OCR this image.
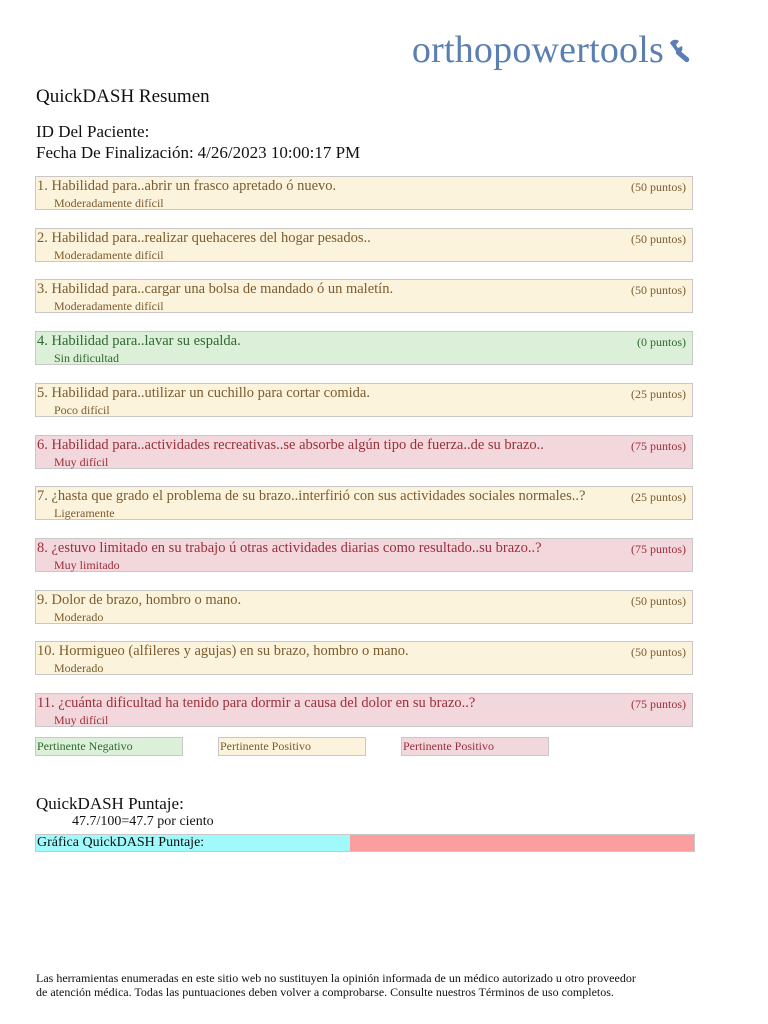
orthopowertools
QuickDASH Resumen
ID Del Paciente:
Fecha De Finalización: 4/26/2023 10:00:17 PM
1. Habilidad para..abrir un frasco apretado ó nuevo.	(50 puntos)
Moderadamente difícil
2. Habilidad para..realizar quehaceres del hogar pesados..	(50 puntos)
Moderadamente difícil
3. Habilidad para..cargar una bolsa de mandado ó un maletín.	(50 puntos)
Moderadamente difícil
4. Habilidad para..lavar su espalda.	(0 puntos)
Sin dificultad
5. Habilidad para..utilizar un cuchillo para cortar comida.	(25 puntos)
Poco difícil
6. Habilidad para..actividades recreativas..se absorbe algún tipo de fuerza..de su brazo..	(75 puntos)
Muy difícil
7. ¿hasta que grado el problema de su brazo..interfirió con sus actividades sociales normales..?	(25 puntos)
Ligeramente
8. ¿estuvo limitado en su trabajo ú otras actividades diarias como resultado..su brazo..?	(75 puntos)
Muy limitado
9. Dolor de brazo, hombro o mano.	(50 puntos)
Moderado
10. Hormigueo (alfileres y agujas) en su brazo, hombro o mano.	(50 puntos)
Moderado
11. ¿cuánta dificultad ha tenido para dormir a causa del dolor en su brazo..?	(75 puntos)
Muy difícil
Pertinente Negativo	Pertinente Positivo	Pertinente Positivo
QuickDASH Puntaje:
47.7/100=47.7 por ciento
Gráfica QuickDASH Puntaje:
Las herramientas enumeradas en este sitio web no sustituyen la opinión informada de un médico autorizado u otro proveedor
de atención médica. Todas las puntuaciones deben volver a comprobarse. Consulte nuestros Términos de uso completos.
